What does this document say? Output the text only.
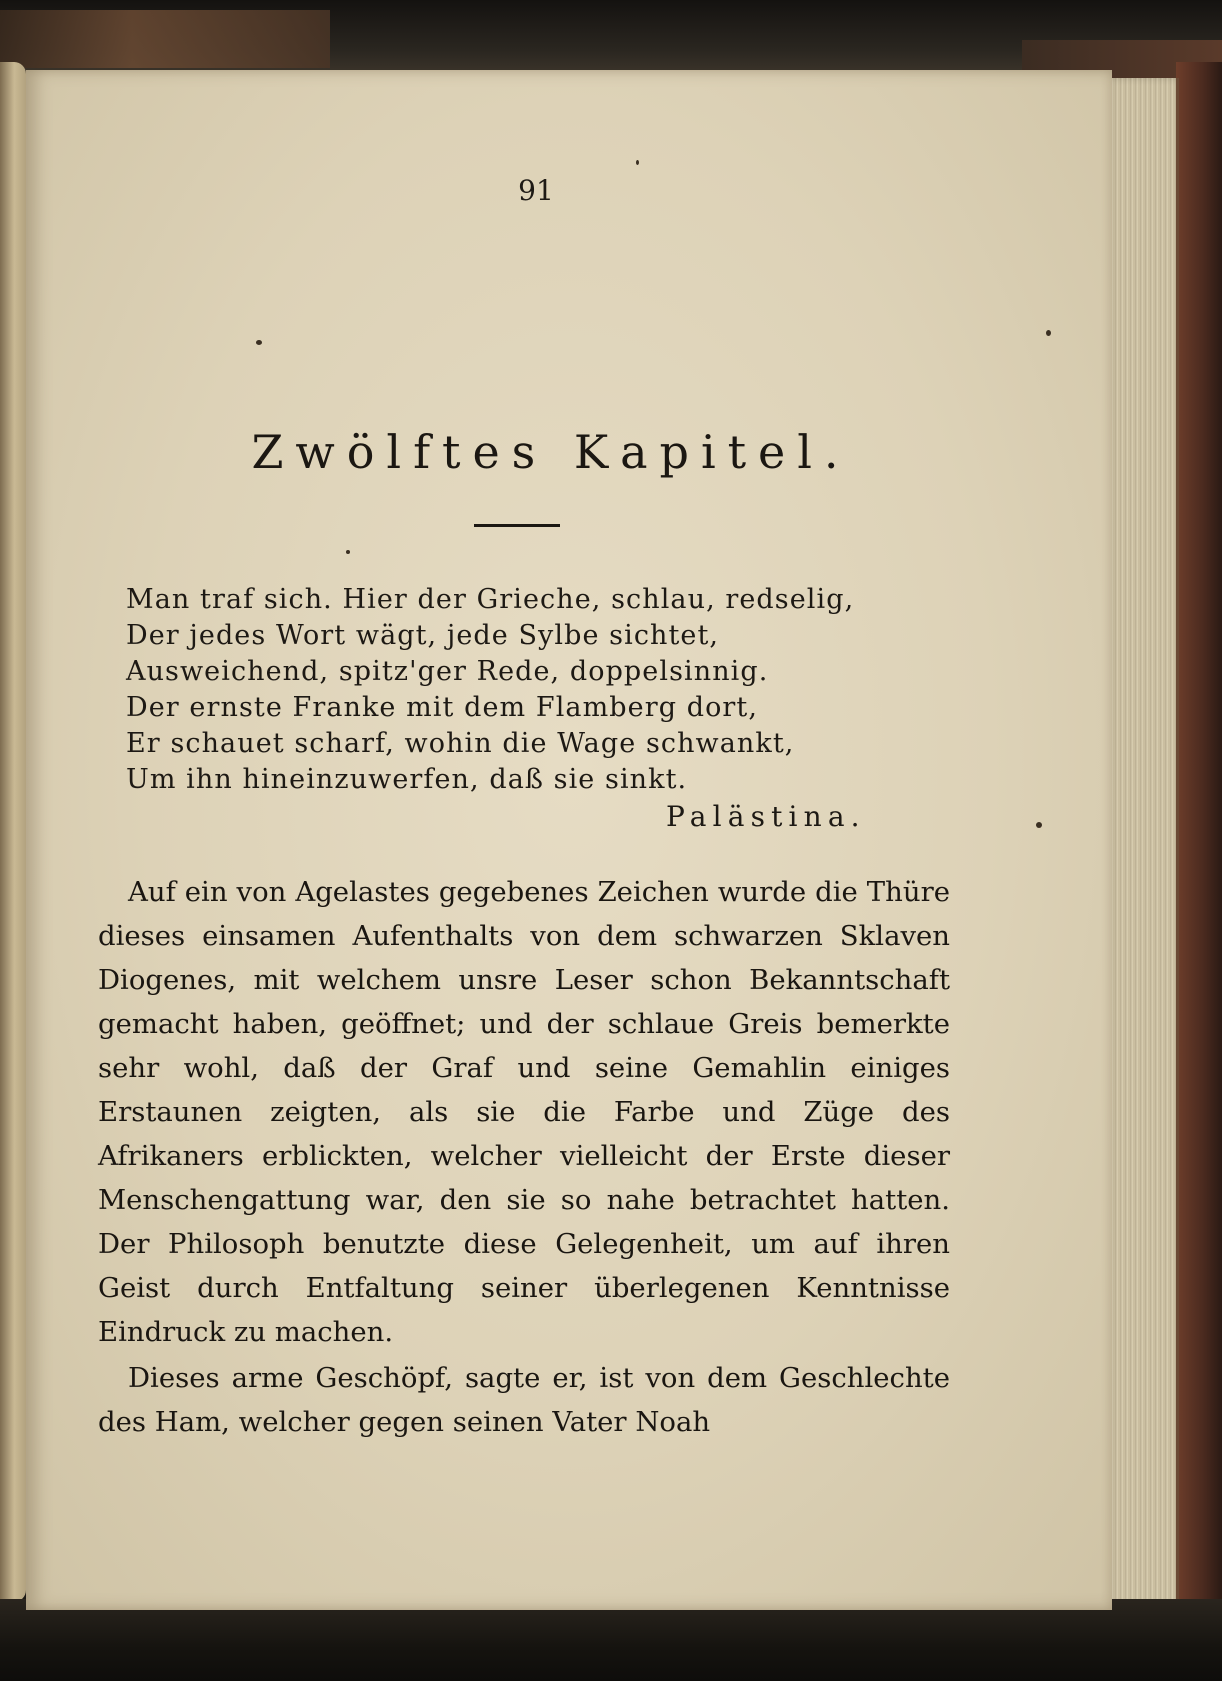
91
Zwölftes Kapitel.
Man traf sich. Hier der Grieche, schlau, redselig,
Der jedes Wort wägt, jede Sylbe sichtet,
Ausweichend, spitz'ger Rede, doppelsinnig.
Der ernste Franke mit dem Flamberg dort,
Er schauet scharf, wohin die Wage schwankt,
Um ihn hineinzuwerfen, daß sie sinkt.
Palästina.

Auf ein von Agelastes gegebenes Zeichen wurde die Thüre dieses einsamen Aufenthalts von dem schwarzen Sklaven Diogenes, mit welchem unsre Leser schon Bekanntschaft gemacht haben, geöffnet; und der schlaue Greis bemerkte sehr wohl, daß der Graf und seine Gemahlin einiges Erstaunen zeigten, als sie die Farbe und Züge des Afrikaners erblickten, welcher vielleicht der Erste dieser Menschengattung war, den sie so nahe betrachtet hatten. Der Philosoph benutzte diese Gelegenheit, um auf ihren Geist durch Entfaltung seiner überlegenen Kenntnisse Eindruck zu machen.

Dieses arme Geschöpf, sagte er, ist von dem Geschlechte des Ham, welcher gegen seinen Vater Noah
